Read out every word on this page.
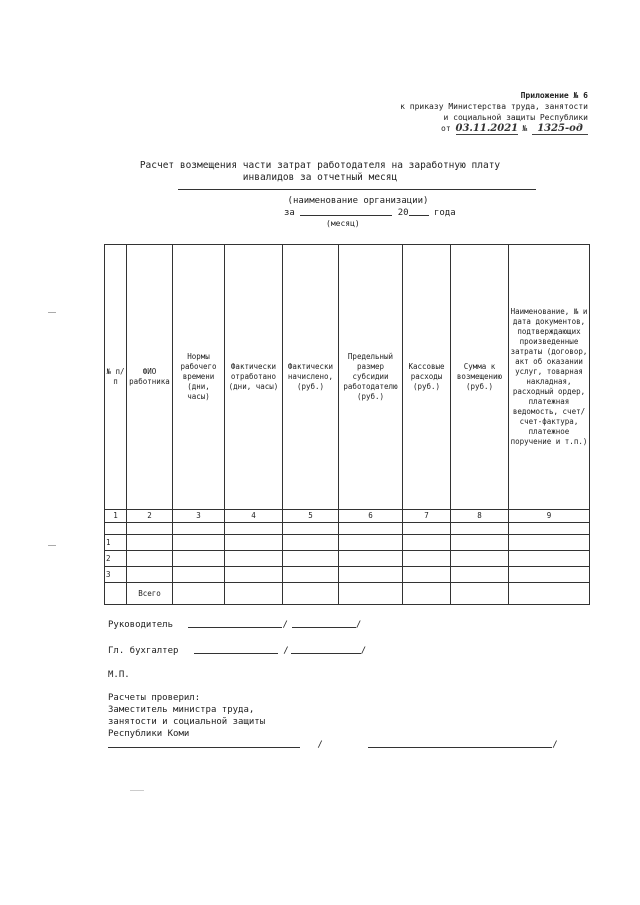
Приложение № 6
к приказу Министерства труда, занятости
и социальной защиты Республики
от 03.11.2021 № 1325-од
Расчет возмещения части затрат работодателя на заработную плату
инвалидов за отчетный месяц
(наименование организации)
за	20	года
(месяц)
№ п/п	ФИО работника	Нормы рабочего времени (дни, часы)	Фактически отработано (дни, часы)	Фактически начислено, (руб.)	Предельный размер субсидии работодателю (руб.)	Кассовые расходы (руб.)	Сумма к возмещению (руб.)	Наименование, № и дата документов, подтверждающих произведенные затраты (договор, акт об оказании услуг, товарная накладная, расходный ордер, платежная ведомость, счет/счет-фактура, платежное поручение и т.п.)
1	2	3	4	5	6	7	8	9

1								
2								
3								
	Всего							
Руководитель	/	/
Гл. бухгалтер	/	/
М.П.
Расчеты проверил:
Заместитель министра труда,
занятости и социальной защиты
Республики Коми
/	/
